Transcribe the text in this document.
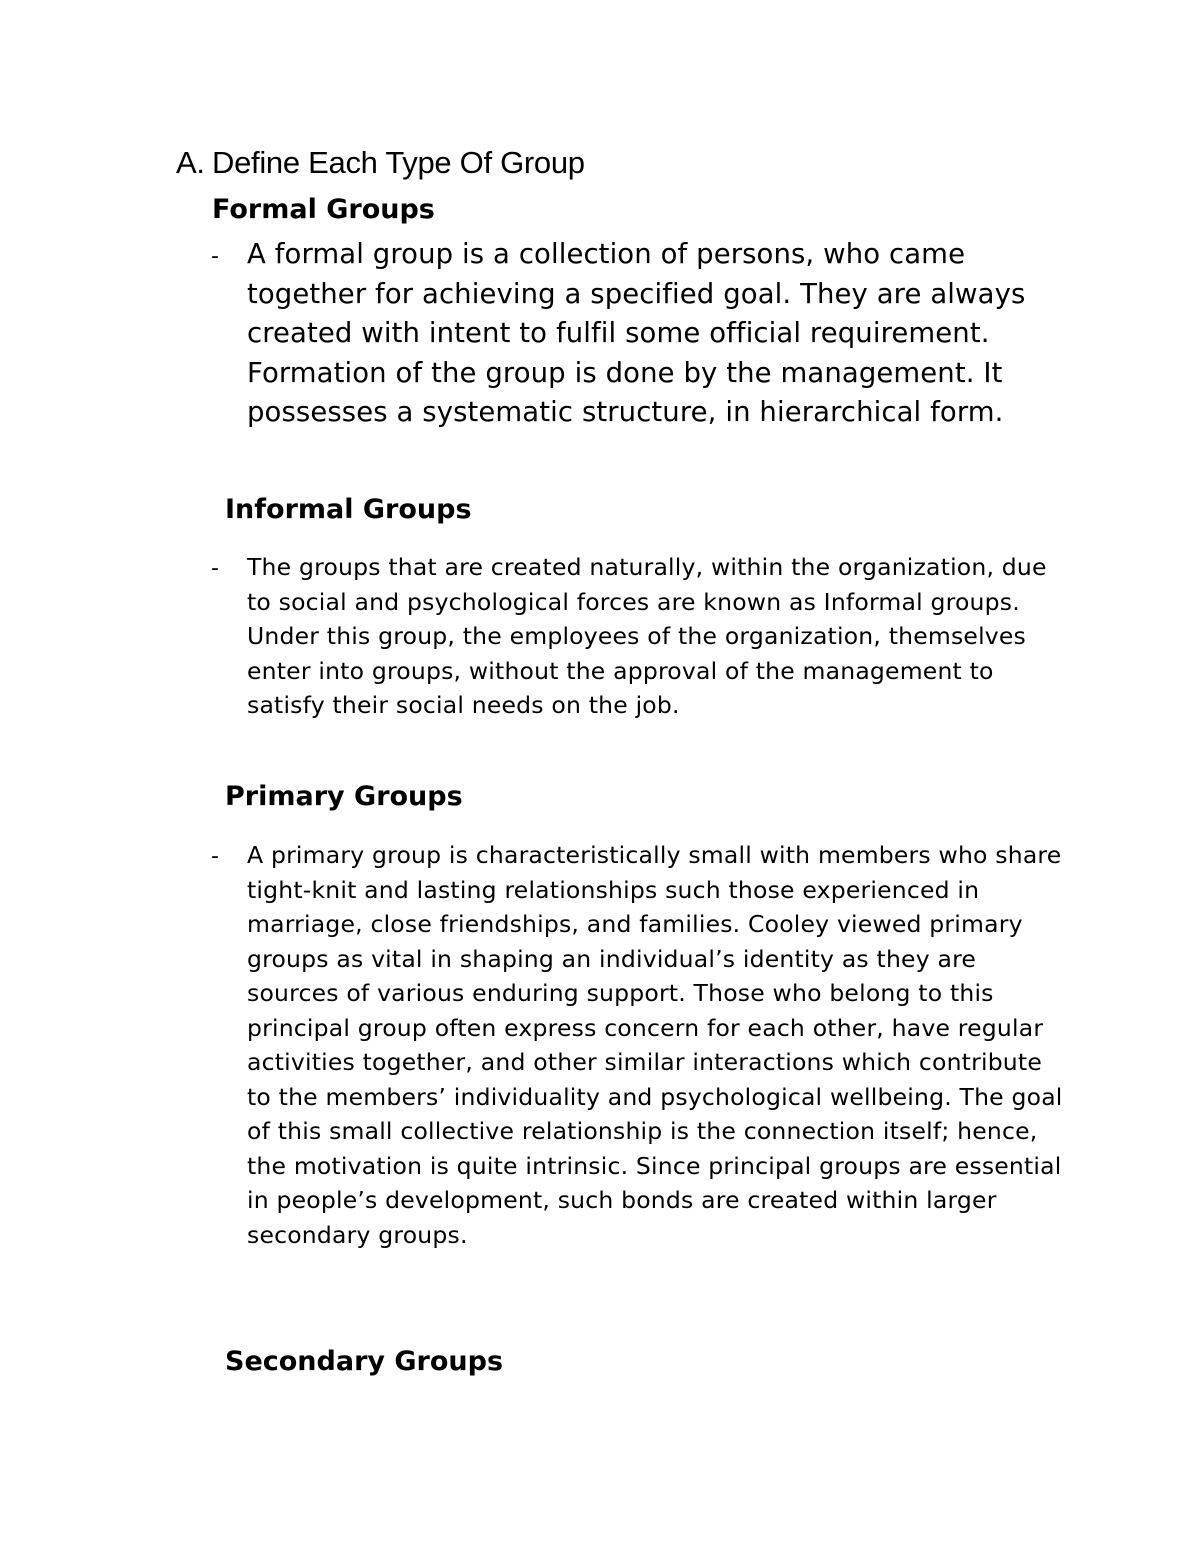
A. Define Each Type Of Group
Formal Groups
- A formal group is a collection of persons, who came together for achieving a specified goal. They are always created with intent to fulfil some official requirement. Formation of the group is done by the management. It possesses a systematic structure, in hierarchical form.

Informal Groups
- The groups that are created naturally, within the organization, due to social and psychological forces are known as Informal groups. Under this group, the employees of the organization, themselves enter into groups, without the approval of the management to satisfy their social needs on the job.

Primary Groups
- A primary group is characteristically small with members who share tight-knit and lasting relationships such those experienced in marriage, close friendships, and families. Cooley viewed primary groups as vital in shaping an individual’s identity as they are sources of various enduring support. Those who belong to this principal group often express concern for each other, have regular activities together, and other similar interactions which contribute to the members’ individuality and psychological wellbeing. The goal of this small collective relationship is the connection itself; hence, the motivation is quite intrinsic. Since principal groups are essential in people’s development, such bonds are created within larger secondary groups.

Secondary Groups
